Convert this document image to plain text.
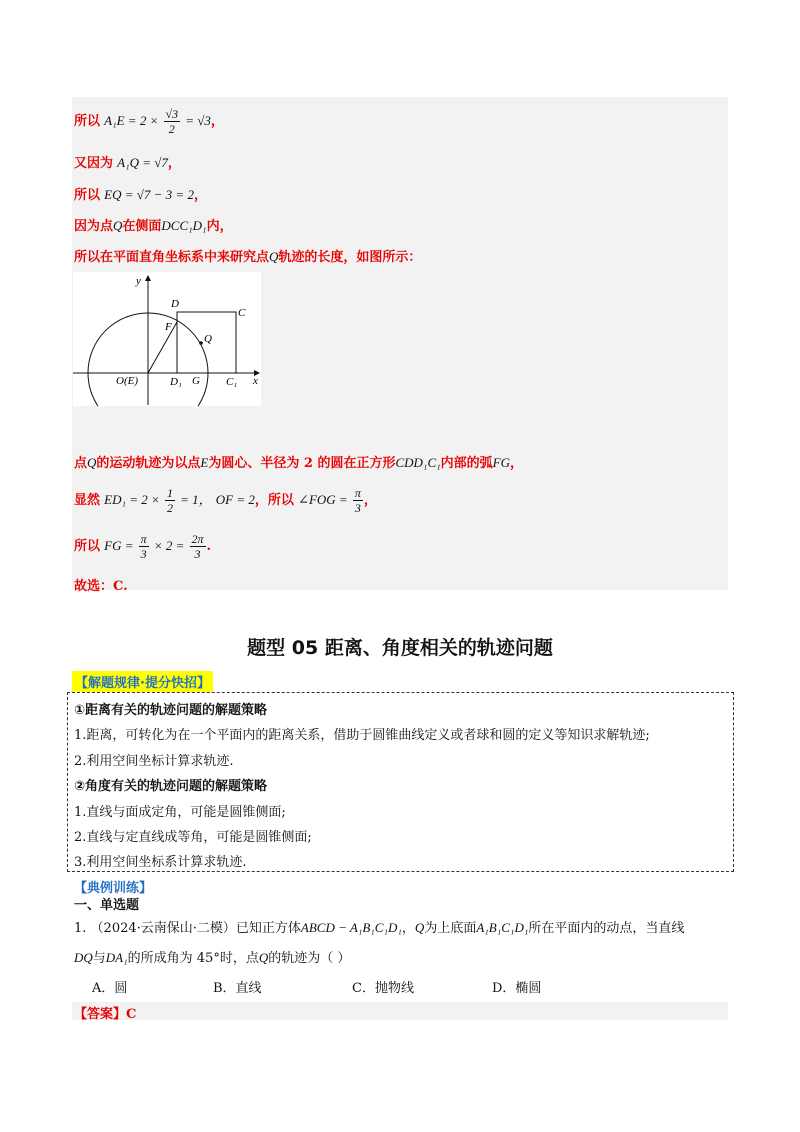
所以 $A_1E = 2 \times \frac{√3}{2} = √3$，
又因为 A₁Q = √7，
所以 EQ = √7 − 3 = 2，
因为点Q在侧面DCC₁D₁内，
所以在平面直角坐标系中来研究点Q轨迹的长度，如图所示：
y
x
D
C
F
Q
O(E)	D₁ G C₁
点Q的运动轨迹为以点E为圆心、半径为 2 的圆在正方形CDD₁C₁内部的弧FG，
显然 $ED_1 = 2 \times \frac{1}{2} = 1$， OF = 2，所以 ∠FOG = $\frac{\pi}{3}$ ，
所以 FG = $\frac{\pi}{3} \times 2 = \frac{2\pi}{3}$ .
故选：C.
题型 05 距离、角度相关的轨迹问题
【解题规律·提分快招】
①距离有关的轨迹问题的解题策略
1.距离，可转化为在一个平面内的距离关系，借助于圆锥曲线定义或者球和圆的定义等知识求解轨迹;
2.利用空间坐标计算求轨迹.
②角度有关的轨迹问题的解题策略
1.直线与面成定角，可能是圆锥侧面;
2.直线与定直线成等角，可能是圆锥侧面;
3.利用空间坐标系计算求轨迹.
【典例训练】
一、单选题
1. （2024·云南保山·二模）已知正方体ABCD − A₁B₁C₁D₁，Q为上底面A₁B₁C₁D₁所在平面内的动点，当直线
DQ与DA₁的所成角为 45°时，点Q的轨迹为（ ）
A．圆	B．直线	C．抛物线	D．椭圆
【答案】C
